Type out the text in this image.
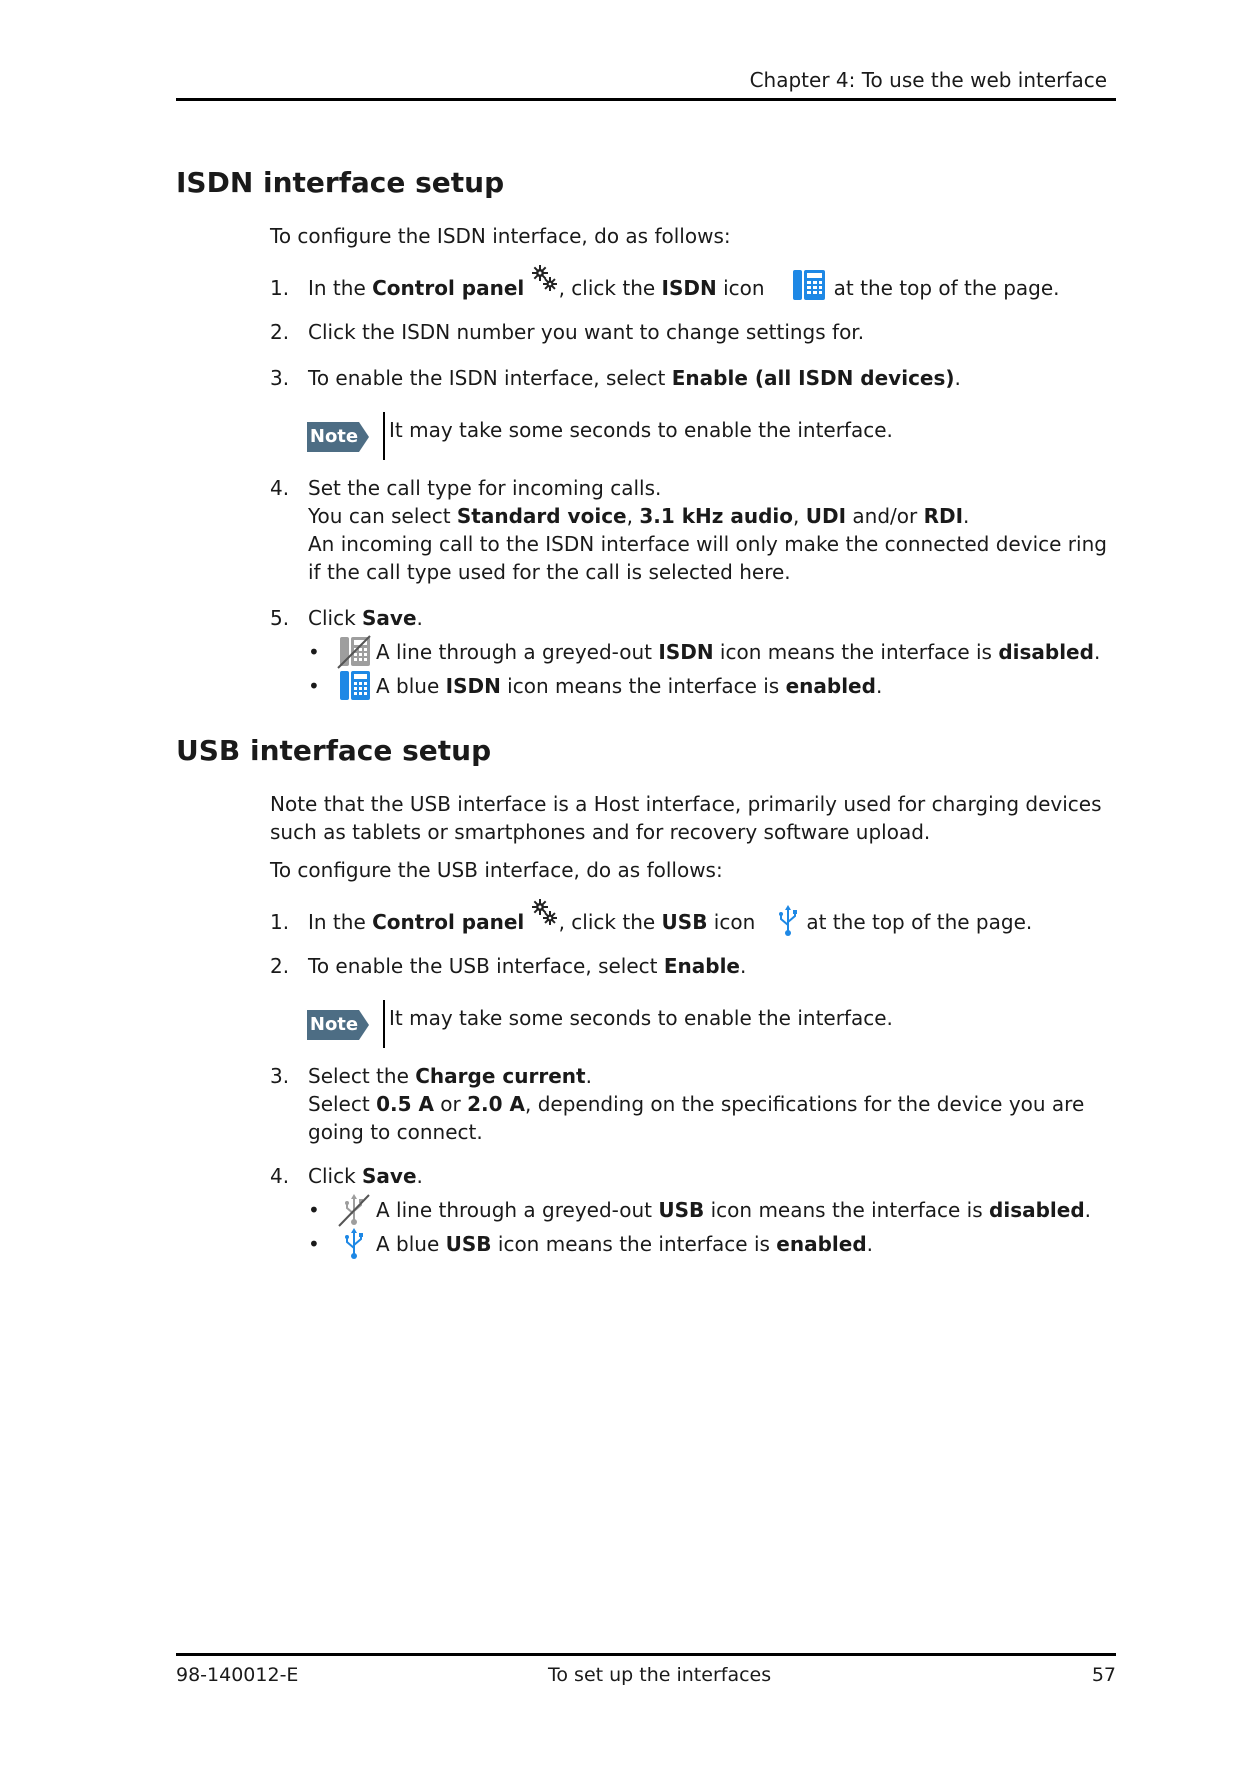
Chapter 4: To use the web interface
ISDN interface setup

To configure the ISDN interface, do as follows:

1. In the Control panel , click the ISDN icon	at the top of the page.
2. Click the ISDN number you want to change settings for.
3. To enable the ISDN interface, select Enable (all ISDN devices).
Note It may take some seconds to enable the interface.
4. Set the call type for incoming calls.
You can select Standard voice, 3.1 kHz audio, UDI and/or RDI.
An incoming call to the ISDN interface will only make the connected device ring if the call type used for the call is selected here.
5. Click Save.
•	A line through a greyed-out ISDN icon means the interface is disabled.
•	A blue ISDN icon means the interface is enabled.
USB interface setup

Note that the USB interface is a Host interface, primarily used for charging devices such as tablets or smartphones and for recovery software upload.

To configure the USB interface, do as follows:

1. In the Control panel , click the USB icon	at the top of the page.
2. To enable the USB interface, select Enable.
Note It may take some seconds to enable the interface.
3. Select the Charge current.
Select 0.5 A or 2.0 A, depending on the specifications for the device you are going to connect.
4. Click Save.
•	A line through a greyed-out USB icon means the interface is disabled.
•	A blue USB icon means the interface is enabled.
98-140012-E	To set up the interfaces	57
